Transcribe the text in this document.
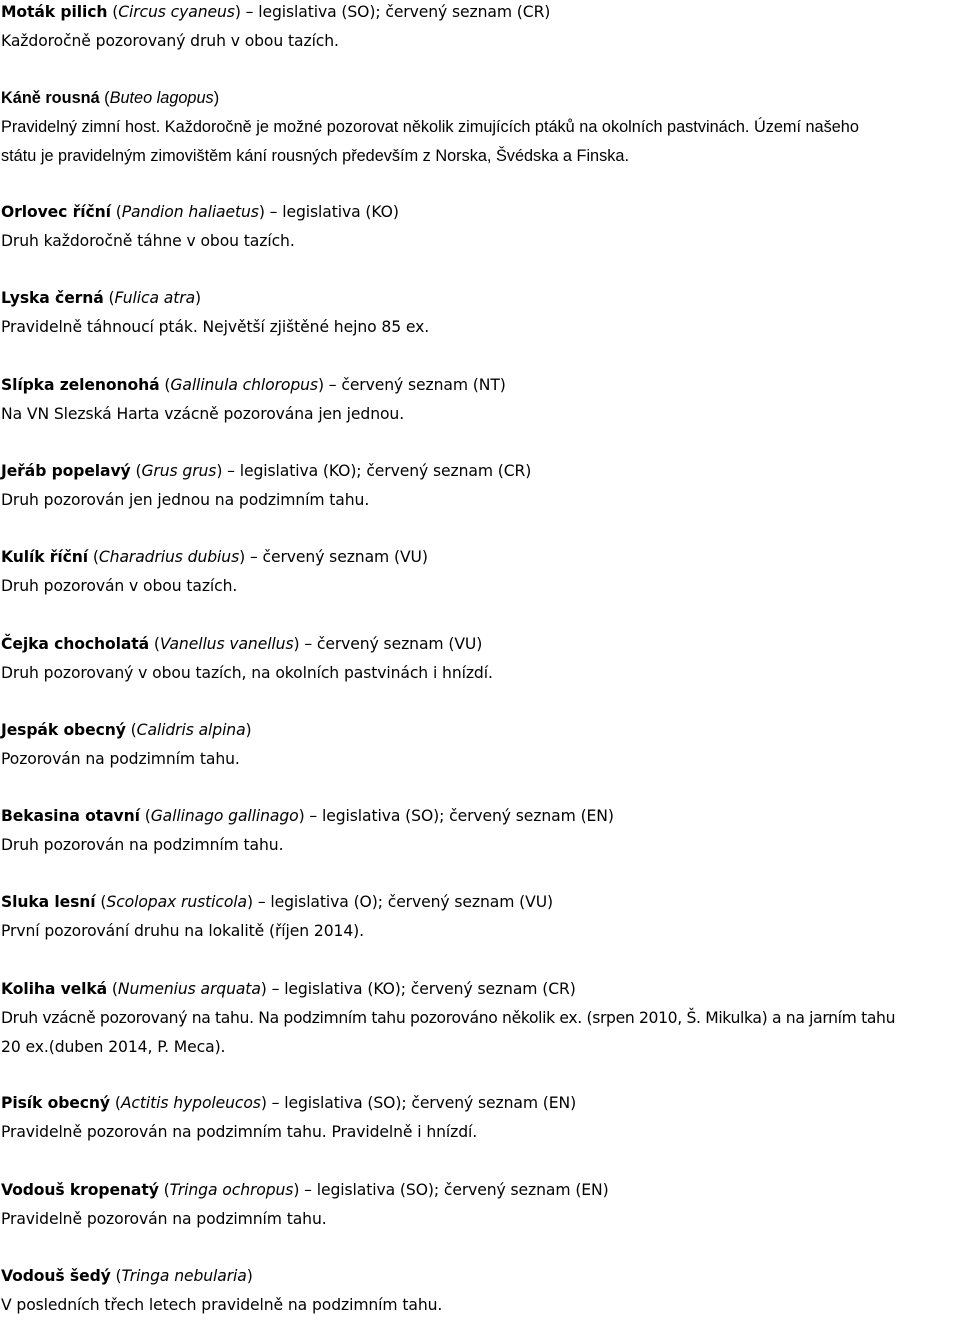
Moták pilich (Circus cyaneus) – legislativa (SO); červený seznam (CR)
Každoročně pozorovaný druh v obou tazích.
Káně rousná (Buteo lagopus)
Pravidelný zimní host. Každoročně je možné pozorovat několik zimujících ptáků na okolních pastvinách. Území našeho
státu je pravidelným zimovištěm kání rousných především z Norska, Švédska a Finska.
Orlovec říční (Pandion haliaetus) – legislativa (KO)
Druh každoročně táhne v obou tazích.
Lyska černá (Fulica atra)
Pravidelně táhnoucí pták. Největší zjištěné hejno 85 ex.
Slípka zelenonohá (Gallinula chloropus) – červený seznam (NT)
Na VN Slezská Harta vzácně pozorována jen jednou.
Jeřáb popelavý (Grus grus) – legislativa (KO); červený seznam (CR)
Druh pozorován jen jednou na podzimním tahu.
Kulík říční (Charadrius dubius) – červený seznam (VU)
Druh pozorován v obou tazích.
Čejka chocholatá (Vanellus vanellus) – červený seznam (VU)
Druh pozorovaný v obou tazích, na okolních pastvinách i hnízdí.
Jespák obecný (Calidris alpina)
Pozorován na podzimním tahu.
Bekasina otavní (Gallinago gallinago) – legislativa (SO); červený seznam (EN)
Druh pozorován na podzimním tahu.
Sluka lesní (Scolopax rusticola) – legislativa (O); červený seznam (VU)
První pozorování druhu na lokalitě (říjen 2014).
Koliha velká (Numenius arquata) – legislativa (KO); červený seznam (CR)
Druh vzácně pozorovaný na tahu. Na podzimním tahu pozorováno několik ex. (srpen 2010, Š. Mikulka) a na jarním tahu
20 ex.(duben 2014, P. Meca).
Pisík obecný (Actitis hypoleucos) – legislativa (SO); červený seznam (EN)
Pravidelně pozorován na podzimním tahu. Pravidelně i hnízdí.
Vodouš kropenatý (Tringa ochropus) – legislativa (SO); červený seznam (EN)
Pravidelně pozorován na podzimním tahu.
Vodouš šedý (Tringa nebularia)
V posledních třech letech pravidelně na podzimním tahu.
